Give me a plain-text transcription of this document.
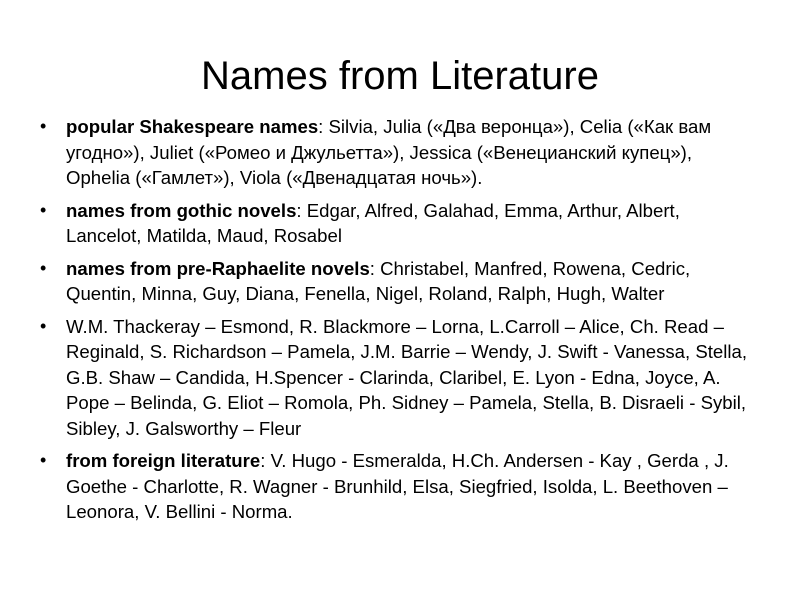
Names from Literature
• popular Shakespeare names: Silvia, Julia («Два веронца»), Celia («Как вам угодно»), Juliet («Ромео и Джульетта»), Jessica («Венецианский купец»), Ophelia («Гамлет»), Viola («Двенадцатая ночь»).
• names from gothic novels: Edgar, Alfred, Galahad, Emma, Arthur, Albert, Lancelot, Matilda, Maud, Rosabel
• names from pre-Raphaelite novels: Christabel, Manfred, Rowena, Cedric, Quentin, Minna, Guy, Diana, Fenella, Nigel, Roland, Ralph, Hugh, Walter
• W.M. Thackeray – Esmond, R. Blackmore – Lorna, L.Carroll – Alice, Ch. Read – Reginald, S. Richardson – Pamela, J.M. Barrie – Wendy, J. Swift - Vanessa, Stella, G.B. Shaw – Candida, H.Spencer - Clarinda, Claribel, E. Lyon - Edna, Joyce, A. Pope – Belinda, G. Eliot – Romola, Ph. Sidney – Pamela, Stella, B. Disraeli - Sybil, Sibley, J. Galsworthy – Fleur
• from foreign literature: V. Hugo - Esmeralda, H.Ch. Andersen - Kay , Gerda , J. Goethe - Charlotte, R. Wagner - Brunhild, Elsa, Siegfried, Isolda, L. Beethoven – Leonora, V. Bellini - Norma.
